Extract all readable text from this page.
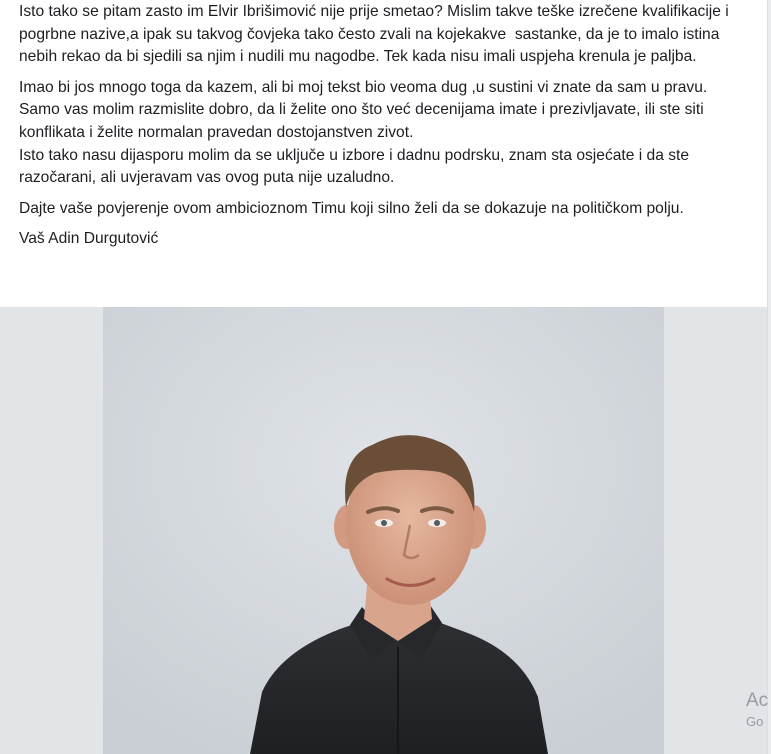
Isto tako se pitam zasto im Elvir Ibrišimović nije prije smetao? Mislim takve teške izrečene kvalifikacije i pogrbne nazive,a ipak su takvog čovjeka tako često zvali na kojekakve  sastanke, da je to imalo istina nebih rekao da bi sjedili sa njim i nudili mu nagodbe. Tek kada nisu imali uspjeha krenula je paljba.

Imao bi jos mnogo toga da kazem, ali bi moj tekst bio veoma dug ,u sustini vi znate da sam u pravu.

Samo vas molim razmislite dobro, da li želite ono što već decenijama imate i prezivljavate, ili ste siti konflikata i želite normalan pravedan dostojanstven zivot.

Isto tako nasu dijasporu molim da se uključe u izbore i dadnu podrsku, znam sta osjećate i da ste razočarani, ali uvjeravam vas ovog puta nije uzaludno.

Dajte vaše povjerenje ovom ambicioznom Timu koji silno želi da se dokazuje na političkom polju.

Vaš Adin Durgutović

Ac
Go
